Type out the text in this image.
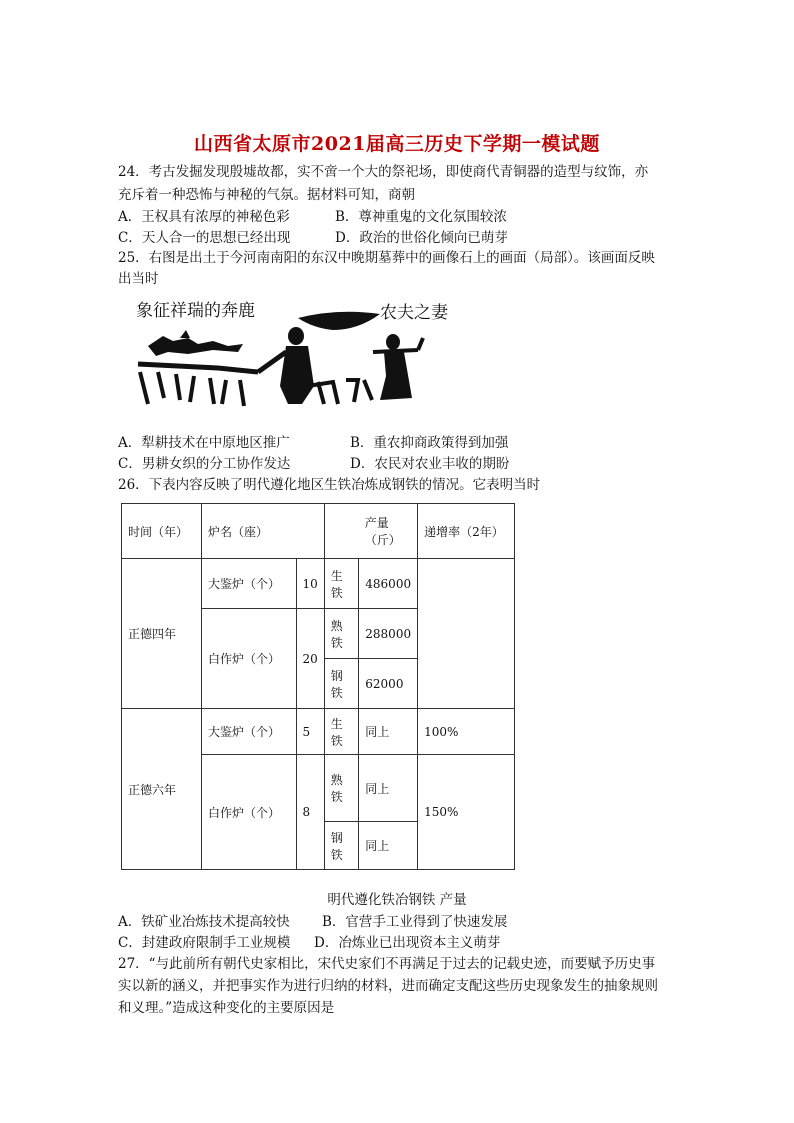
山西省太原市2021届高三历史下学期一模试题
24．考古发掘发现殷墟故都，实不啻一个大的祭祀场，即使商代青铜器的造型与纹饰，亦
充斥着一种恐怖与神秘的气氛。据材料可知，商朝
A．王权具有浓厚的神秘色彩	B．尊神重鬼的文化氛围较浓
C．天人合一的思想已经出现	D．政治的世俗化倾向已萌芽
25．右图是出土于今河南南阳的东汉中晚期墓葬中的画像石上的画面（局部）。该画面反映
出当时
象征祥瑞的奔鹿	农夫之妻
A．犁耕技术在中原地区推广	B．重农抑商政策得到加强
C．男耕女织的分工协作发达	D．农民对农业丰收的期盼
26．下表内容反映了明代遵化地区生铁冶炼成钢铁的情况。它表明当时
时间（年）	炉名（座）			产量（斤）	递增率（2年）
正德四年	大鉴炉（个）	10	生铁	486000	
	白作炉（个）	20	熟铁	288000	
			钢铁	62000	
正德六年	大鉴炉（个）	5	生铁	同上	100%
	白作炉（个）	8	熟铁	同上	150%
			钢铁	同上	
明代遵化铁冶钢铁 产量
A．铁矿业冶炼技术提高较快 B．官营手工业得到了快速发展
C．封建政府限制手工业规模 D．冶炼业已出现资本主义萌芽
27．“与此前所有朝代史家相比，宋代史家们不再满足于过去的记载史迹，而要赋予历史事
实以新的涵义，并把事实作为进行归纳的材料，进而确定支配这些历史现象发生的抽象规则
和义理。”造成这种变化的主要原因是
